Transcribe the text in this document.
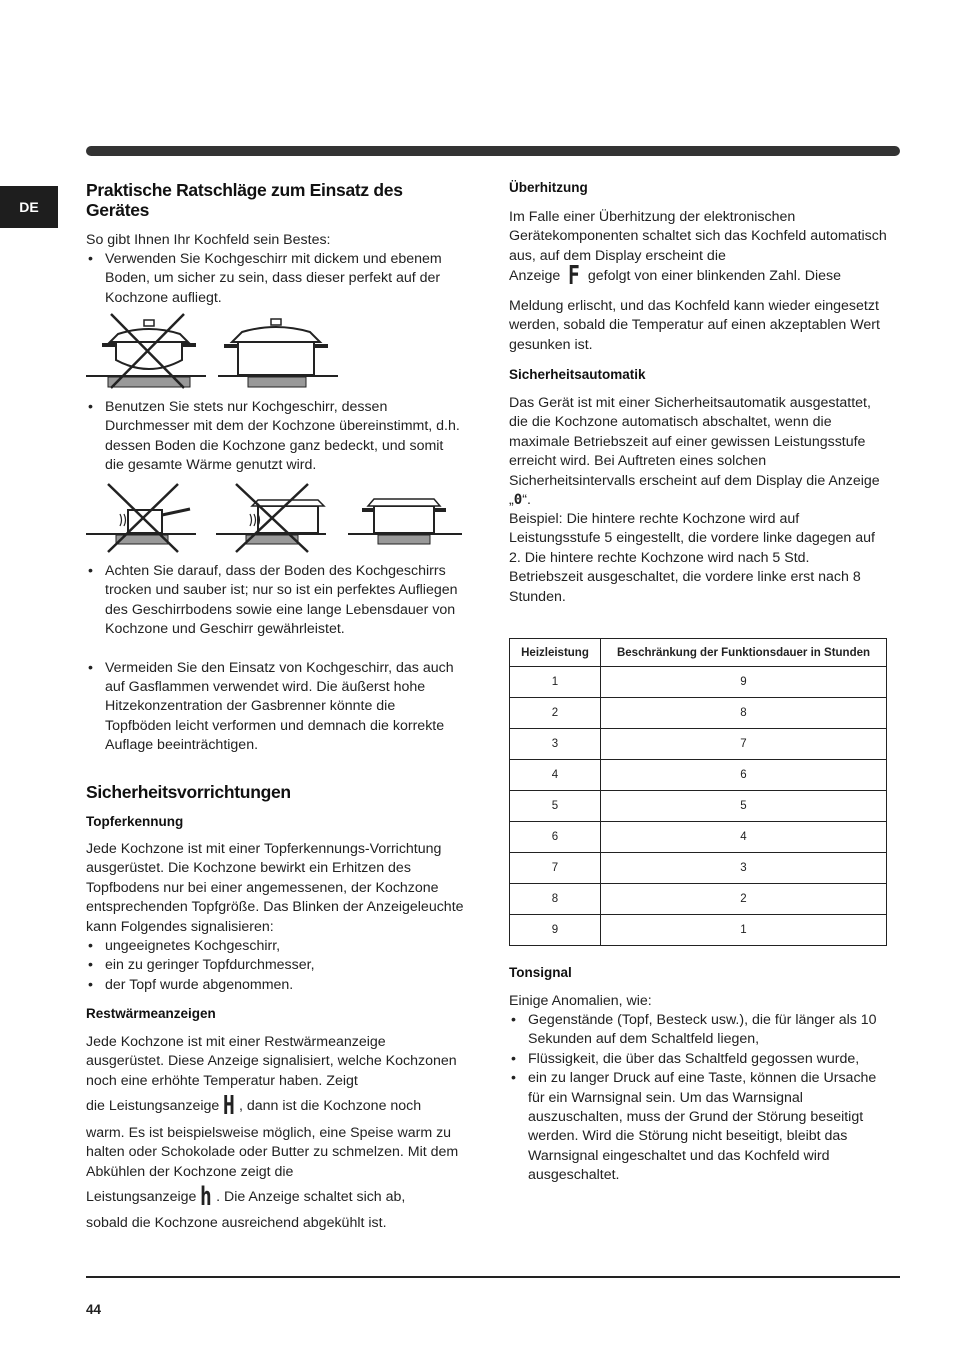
DE
Praktische Ratschläge zum Einsatz des Gerätes

So gibt Ihnen Ihr Kochfeld sein Bestes:

• Verwenden Sie Kochgeschirr mit dickem und ebenem Boden, um sicher zu sein, dass dieser perfekt auf der Kochzone aufliegt.
• Benutzen Sie stets nur Kochgeschirr, dessen Durchmesser mit dem der Kochzone übereinstimmt, d.h. dessen Boden die Kochzone ganz bedeckt, und somit die gesamte Wärme genutzt wird.
• Achten Sie darauf, dass der Boden des Kochgeschirrs trocken und sauber ist; nur so ist ein perfektes Aufliegen des Geschirrbodens sowie eine lange Lebensdauer von Kochzone und Geschirr gewährleistet.
• Vermeiden Sie den Einsatz von Kochgeschirr, das auch auf Gasflammen verwendet wird. Die äußerst hohe Hitzekonzentration der Gasbrenner könnte die Topfböden leicht verformen und demnach die korrekte Auflage beeinträchtigen.
Sicherheitsvorrichtungen
Topferkennung

Jede Kochzone ist mit einer Topferkennungs-Vorrichtung ausgerüstet. Die Kochzone bewirkt ein Erhitzen des Topfbodens nur bei einer angemessenen, der Kochzone entsprechenden Topfgröße. Das Blinken der Anzeigeleuchte kann Folgendes signalisieren:

• ungeeignetes Kochgeschirr,
• ein zu geringer Topfdurchmesser,
• der Topf wurde abgenommen.
Restwärmeanzeigen

Jede Kochzone ist mit einer Restwärmeanzeige ausgerüstet. Diese Anzeige signalisiert, welche Kochzonen noch eine erhöhte Temperatur haben. Zeigt

die Leistungsanzeige H , dann ist die Kochzone noch

warm. Es ist beispielsweise möglich, eine Speise warm zu halten oder Schokolade oder Butter zu schmelzen. Mit dem Abkühlen der Kochzone zeigt die

Leistungsanzeige h . Die Anzeige schaltet sich ab,

sobald die Kochzone ausreichend abgekühlt ist.

Überhitzung

Im Falle einer Überhitzung der elektronischen Gerätekomponenten schaltet sich das Kochfeld automatisch aus, auf dem Display erscheint die

Anzeige F gefolgt von einer blinkenden Zahl. Diese

Meldung erlischt, und das Kochfeld kann wieder eingesetzt werden, sobald die Temperatur auf einen akzeptablen Wert gesunken ist.

Sicherheitsautomatik

Das Gerät ist mit einer Sicherheitsautomatik ausgestattet, die die Kochzone automatisch abschaltet, wenn die maximale Betriebszeit auf einer gewissen Leistungsstufe erreicht wird. Bei Auftreten eines solchen Sicherheitsintervalls erscheint auf dem Display die Anzeige „0“.

Beispiel: Die hintere rechte Kochzone wird auf Leistungsstufe 5 eingestellt, die vordere linke dagegen auf 2. Die hintere rechte Kochzone wird nach 5 Std. Betriebszeit ausgeschaltet, die vordere linke erst nach 8 Stunden.

Heizleistung	Beschränkung der Funktionsdauer in Stunden
1	9
2	8
3	7
4	6
5	5
6	4
7	3
8	2
9	1
Tonsignal

Einige Anomalien, wie:

• Gegenstände (Topf, Besteck usw.), die für länger als 10 Sekunden auf dem Schaltfeld liegen,
• Flüssigkeit, die über das Schaltfeld gegossen wurde,
• ein zu langer Druck auf eine Taste, können die Ursache für ein Warnsignal sein. Um das Warnsignal auszuschalten, muss der Grund der Störung beseitigt werden. Wird die Störung nicht beseitigt, bleibt das Warnsignal eingeschaltet und das Kochfeld wird ausgeschaltet.
44
